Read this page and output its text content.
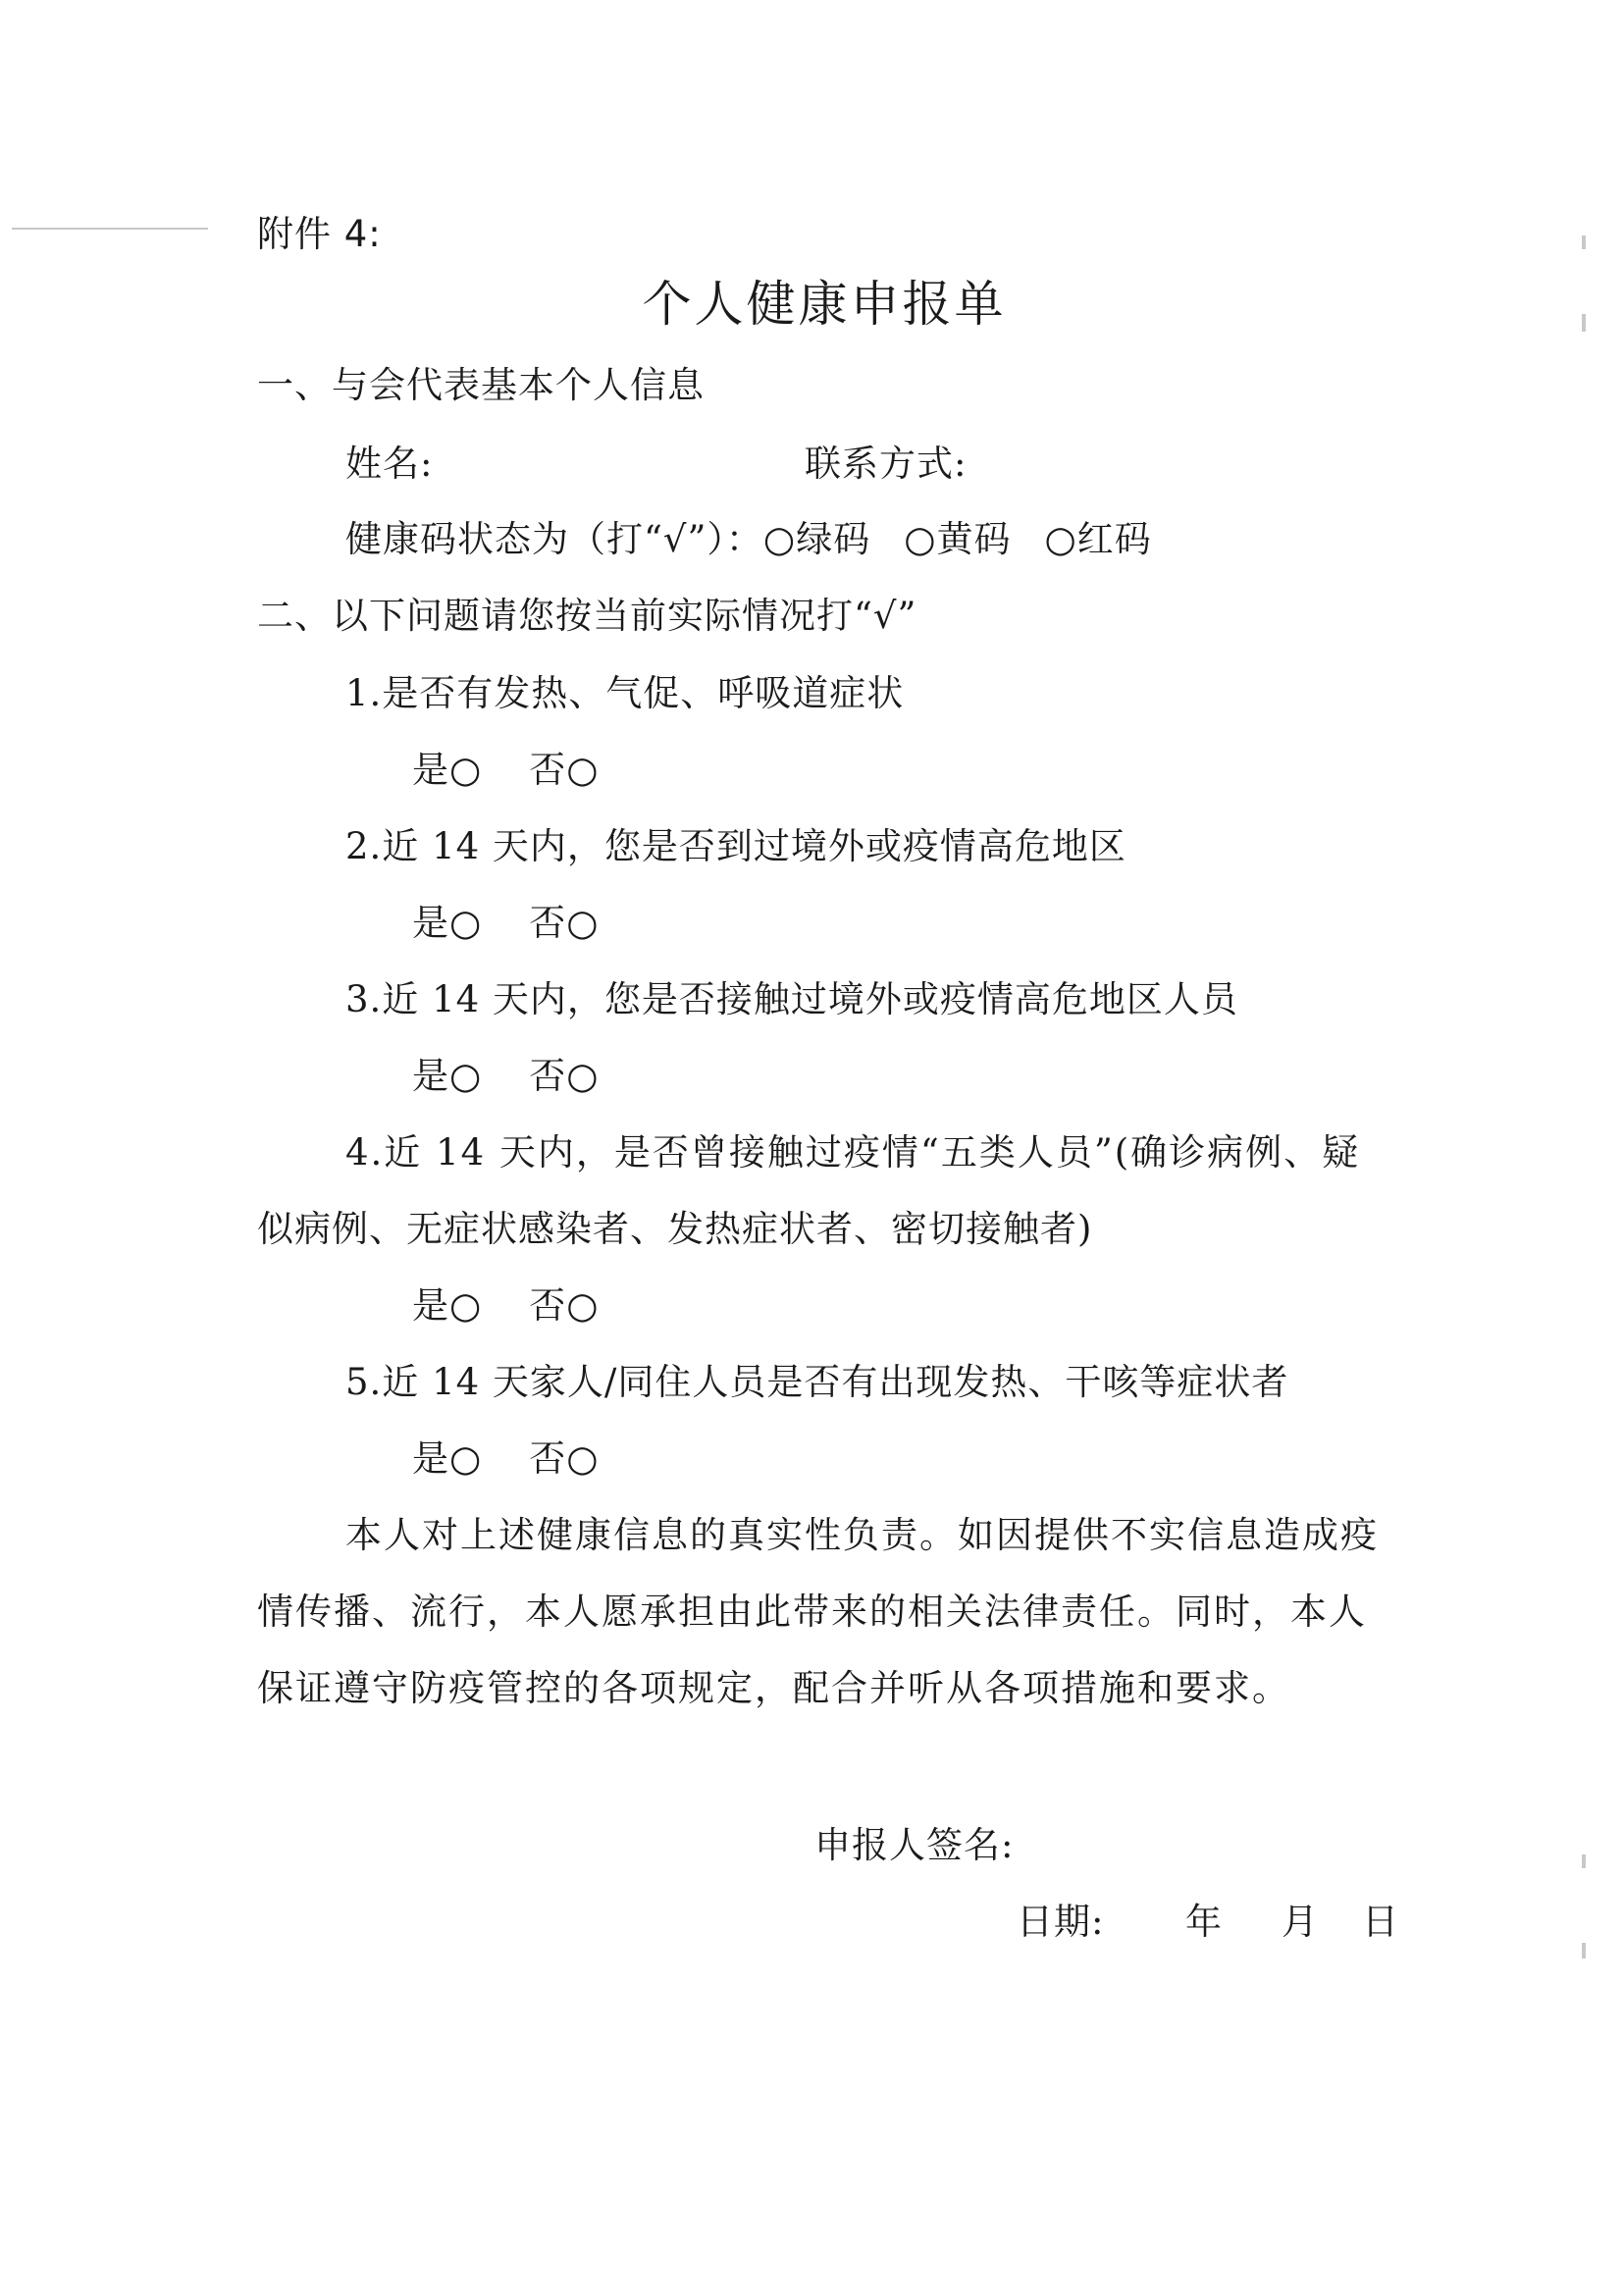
附件 4:
个人健康申报单
一、与会代表基本个人信息
姓名:	联系方式:
健康码状态为（打“√”）：○绿码 ○黄码 ○红码
二、以下问题请您按当前实际情况打“√”
1.是否有发热、气促、呼吸道症状
是○ 否○
2.近 14 天内，您是否到过境外或疫情高危地区
是○ 否○
3.近 14 天内，您是否接触过境外或疫情高危地区人员
是○ 否○
4.近 14 天内，是否曾接触过疫情“五类人员”(确诊病例、疑
似病例、无症状感染者、发热症状者、密切接触者)
是○ 否○
5.近 14 天家人/同住人员是否有出现发热、干咳等症状者
是○ 否○
本人对上述健康信息的真实性负责。如因提供不实信息造成疫
情传播、流行，本人愿承担由此带来的相关法律责任。同时，本人
保证遵守防疫管控的各项规定，配合并听从各项措施和要求。
申报人签名:
日期: 年 月 日
